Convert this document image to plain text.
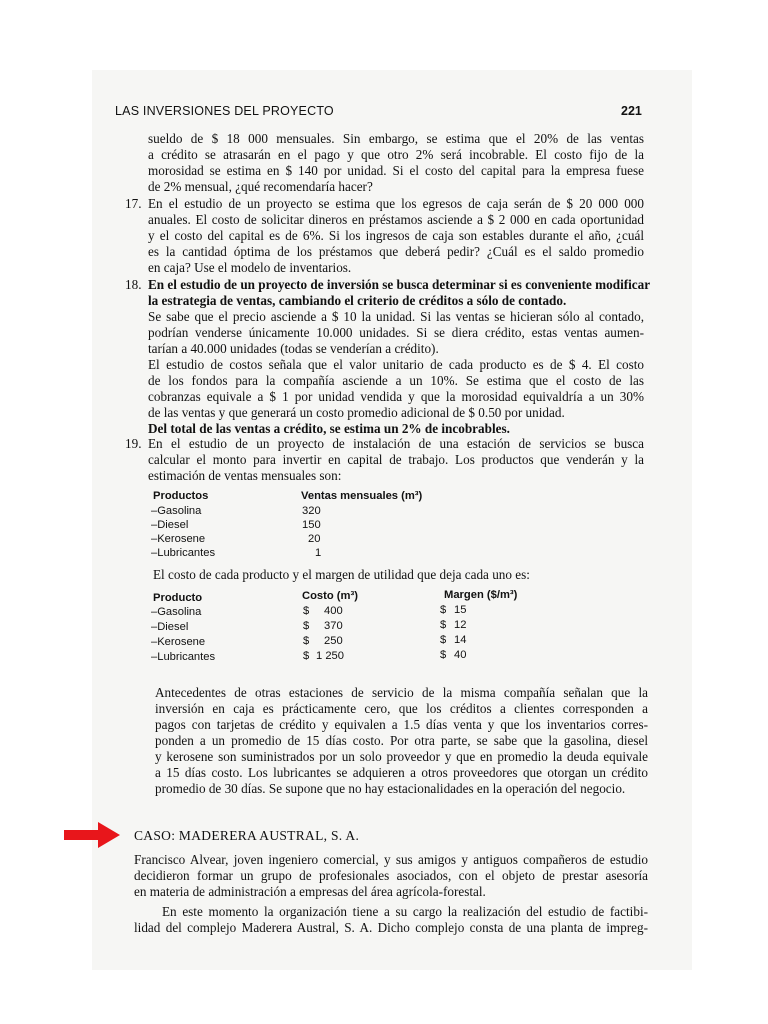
LAS INVERSIONES DEL PROYECTO	221
sueldo de $ 18 000 mensuales. Sin embargo, se estima que el 20% de las ventas
a crédito se atrasarán en el pago y que otro 2% será incobrable. El costo fijo de la
morosidad se estima en $ 140 por unidad. Si el costo del capital para la empresa fuese
de 2% mensual, ¿qué recomendaría hacer?
17. En el estudio de un proyecto se estima que los egresos de caja serán de $ 20 000 000
anuales. El costo de solicitar dineros en préstamos asciende a $ 2 000 en cada oportunidad
y el costo del capital es de 6%. Si los ingresos de caja son estables durante el año, ¿cuál
es la cantidad óptima de los préstamos que deberá pedir? ¿Cuál es el saldo promedio
en caja? Use el modelo de inventarios.
18. En el estudio de un proyecto de inversión se busca determinar si es conveniente modificar
la estrategia de ventas, cambiando el criterio de créditos a sólo de contado.
Se sabe que el precio asciende a $ 10 la unidad. Si las ventas se hicieran sólo al contado,
podrían venderse únicamente 10.000 unidades. Si se diera crédito, estas ventas aumen-
tarían a 40.000 unidades (todas se venderían a crédito).
El estudio de costos señala que el valor unitario de cada producto es de $ 4. El costo
de los fondos para la compañía asciende a un 10%. Se estima que el costo de las
cobranzas equivale a $ 1 por unidad vendida y que la morosidad equivaldría a un 30%
de las ventas y que generará un costo promedio adicional de $ 0.50 por unidad.
Del total de las ventas a crédito, se estima un 2% de incobrables.
19. En el estudio de un proyecto de instalación de una estación de servicios se busca
calcular el monto para invertir en capital de trabajo. Los productos que venderán y la
estimación de ventas mensuales son:
Productos	Ventas mensuales (m³)
–Gasolina	320
–Diesel	150
–Kerosene	20
–Lubricantes	1
El costo de cada producto y el margen de utilidad que deja cada uno es:
Producto	Costo (m³)	Margen ($/m³)
–Gasolina	$ 400	$ 15
–Diesel	$ 370	$ 12
–Kerosene	$ 250	$ 14
–Lubricantes	$ 1 250	$ 40
Antecedentes de otras estaciones de servicio de la misma compañía señalan que la
inversión en caja es prácticamente cero, que los créditos a clientes corresponden a
pagos con tarjetas de crédito y equivalen a 1.5 días venta y que los inventarios corres-
ponden a un promedio de 15 días costo. Por otra parte, se sabe que la gasolina, diesel
y kerosene son suministrados por un solo proveedor y que en promedio la deuda equivale
a 15 días costo. Los lubricantes se adquieren a otros proveedores que otorgan un crédito
promedio de 30 días. Se supone que no hay estacionalidades en la operación del negocio.
CASO: MADERERA AUSTRAL, S. A.
Francisco Alvear, joven ingeniero comercial, y sus amigos y antiguos compañeros de estudio
decidieron formar un grupo de profesionales asociados, con el objeto de prestar asesoría
en materia de administración a empresas del área agrícola-forestal.
En este momento la organización tiene a su cargo la realización del estudio de factibi-
lidad del complejo Maderera Austral, S. A. Dicho complejo consta de una planta de impreg-
